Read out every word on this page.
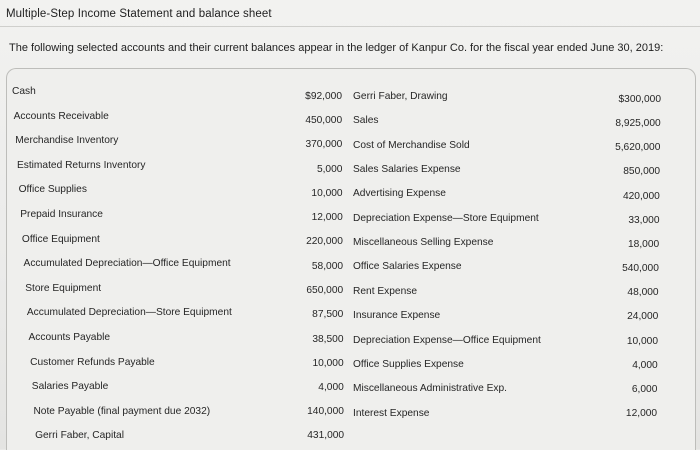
Multiple-Step Income Statement and balance sheet
The following selected accounts and their current balances appear in the ledger of Kanpur Co. for the fiscal year ended June 30, 2019:
Cash	$92,000
Accounts Receivable	450,000
Merchandise Inventory	370,000
Estimated Returns Inventory	5,000
Office Supplies	10,000
Prepaid Insurance	12,000
Office Equipment	220,000
Accumulated Depreciation—Office Equipment	58,000
Store Equipment	650,000
Accumulated Depreciation—Store Equipment	87,500
Accounts Payable	38,500
Customer Refunds Payable	10,000
Salaries Payable	4,000
Note Payable (final payment due 2032)	140,000
Gerri Faber, Capital	431,000
Gerri Faber, Drawing	$300,000
Sales	8,925,000
Cost of Merchandise Sold	5,620,000
Sales Salaries Expense	850,000
Advertising Expense	420,000
Depreciation Expense—Store Equipment	33,000
Miscellaneous Selling Expense	18,000
Office Salaries Expense	540,000
Rent Expense	48,000
Insurance Expense	24,000
Depreciation Expense—Office Equipment	10,000
Office Supplies Expense	4,000
Miscellaneous Administrative Exp.	6,000
Interest Expense	12,000
